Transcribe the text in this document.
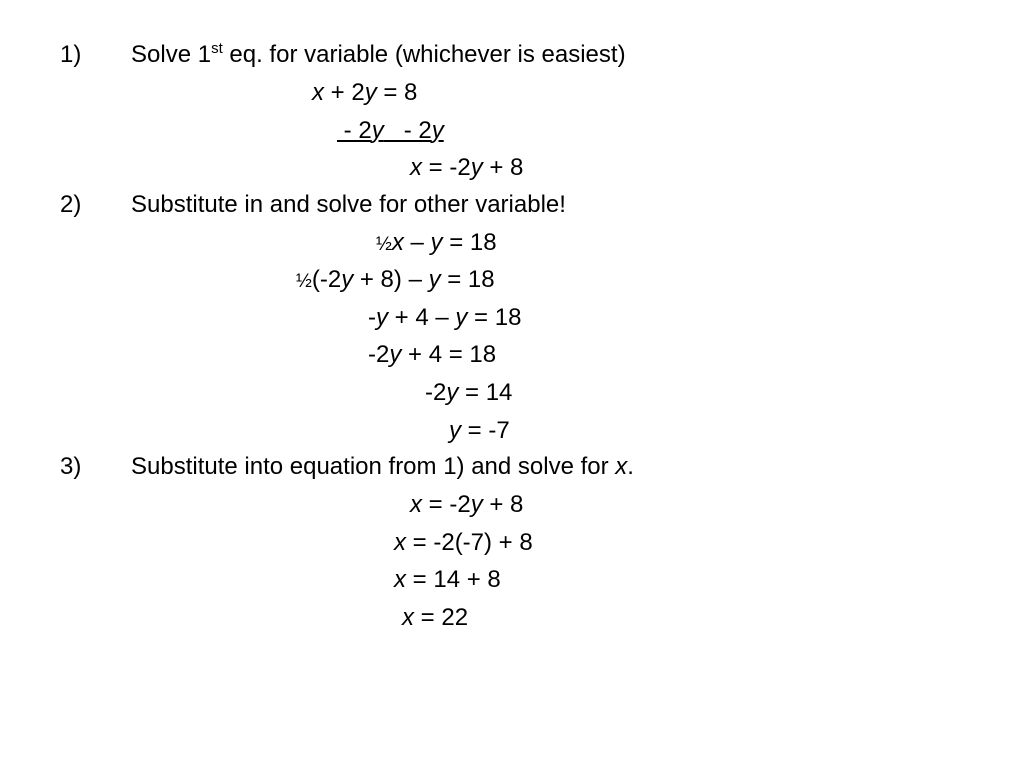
1) Solve 1st eq. for variable (whichever is easiest)
x + 2y = 8
- 2y   - 2y
x = -2y + 8
2) Substitute in and solve for other variable!
½x – y = 18
½(-2y + 8) – y = 18
-y + 4 – y = 18
-2y + 4 = 18
-2y = 14
y = -7
3) Substitute into equation from 1) and solve for x.
x = -2y + 8
x = -2(-7) + 8
x = 14 + 8
x = 22
